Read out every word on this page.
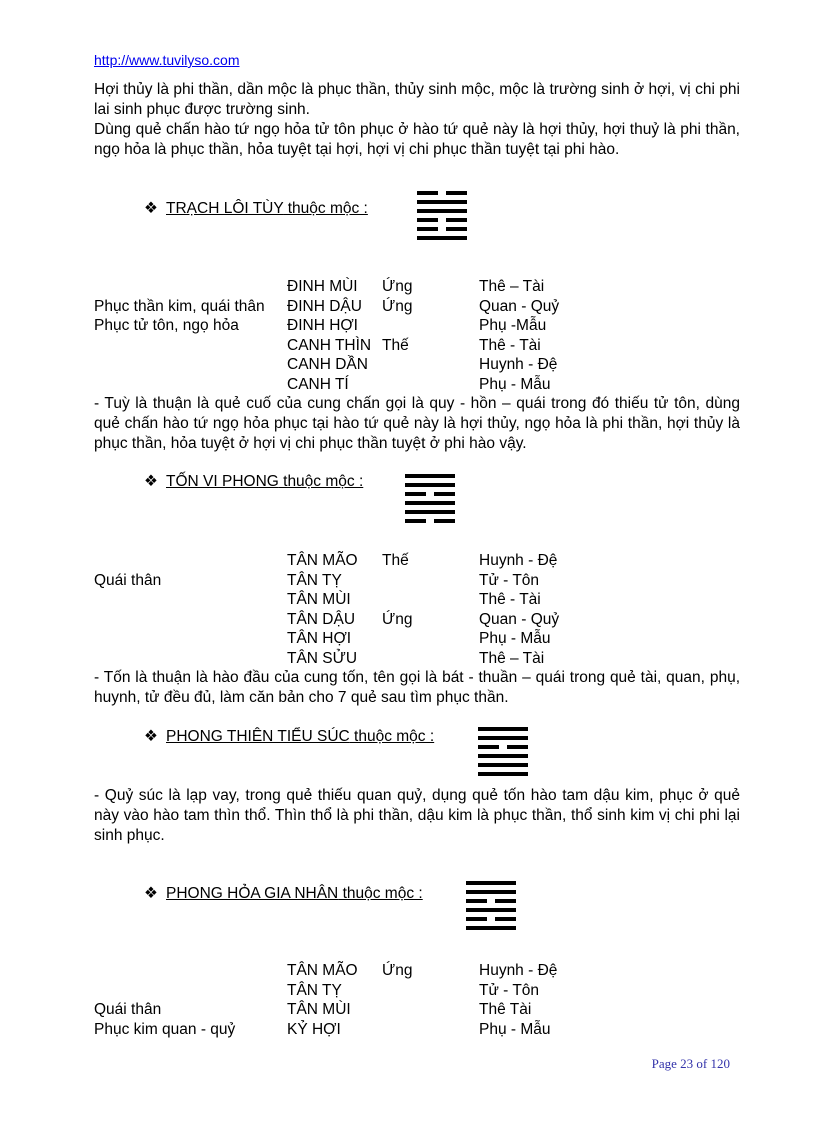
http://www.tuvilyso.com
Hợi thủy là phi thần, dần mộc là phục thần, thủy sinh mộc, mộc là trường sinh ở hợi, vị chi phi lai sinh phục được trường sinh.
Dùng quẻ chấn hào tứ ngọ hỏa tử tôn phục ở hào tứ quẻ này là hợi thủy, hợi thuỷ là phi thần, ngọ hỏa là phục thần, hỏa tuyệt tại hợi, hợi vị chi phục thần tuyệt tại phi hào.
❖ TRẠCH LÔI TÙY thuộc mộc :
ĐINH MÙI Ứng	Thê – Tài
Phục thần kim, quái thân ĐINH DẬU Ứng	Quan - Quỷ
Phục tử tôn, ngọ hỏa	ĐINH HỢI	Phụ -Mẫu
CANH THÌN Thế	Thê - Tài
CANH DẦN	Huynh - Đệ
CANH TÍ	Phụ - Mẫu
- Tuỳ là thuận là quẻ cuố của cung chấn gọi là quy - hồn – quái trong đó thiếu tử tôn, dùng quẻ chấn hào tứ ngọ hỏa phục tại hào tứ quẻ này là hợi thủy, ngọ hỏa là phi thần, hợi thủy là phục thần, hỏa tuyệt ở hợi vị chi phục thần tuyệt ở phi hào vậy.
❖ TỐN VI PHONG thuộc mộc :
TÂN MÃO Thế	Huynh - Đệ
Quái thân	TÂN TỴ	Tử - Tôn
TÂN MÙI	Thê - Tài
TÂN DẬU Ứng	Quan - Quỷ
TÂN HỢI	Phụ - Mẫu
TÂN SỬU	Thê – Tài
- Tốn là thuận là hào đầu của cung tốn, tên gọi là bát - thuần – quái trong quẻ tài, quan, phụ, huynh, tử đều đủ, làm căn bản cho 7 quẻ sau tìm phục thần.
❖ PHONG THIÊN TIỂU SÚC thuộc mộc :
- Quỷ súc là lạp vay, trong quẻ thiếu quan quỷ, dụng quẻ tốn hào tam dậu kim, phục ở quẻ này vào hào tam thìn thổ. Thìn thổ là phi thần, dậu kim là phục thần, thổ sinh kim vị chi phi lại sinh phục.
❖ PHONG HỎA GIA NHÂN thuộc mộc :
TÂN MÃO Ứng	Huynh - Đệ
TÂN TỴ	Tử - Tôn
Quái thân	TÂN MÙI	Thê Tài
Phục kim quan - quỷ	KỶ HỢI	Phụ - Mẫu
Page 23 of 120
